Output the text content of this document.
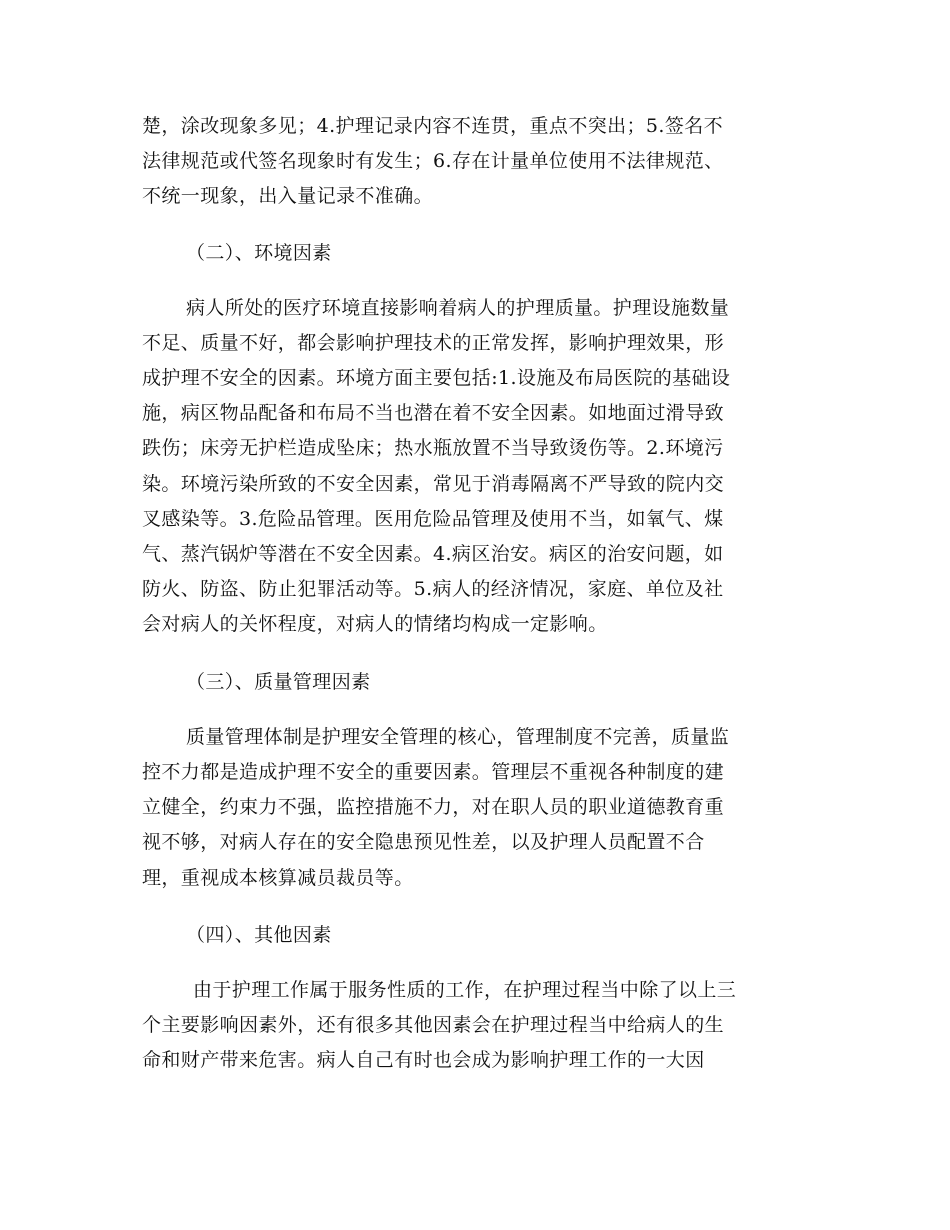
楚，涂改现象多见；4.护理记录内容不连贯，重点不突出；5.签名不
法律规范或代签名现象时有发生；6.存在计量单位使用不法律规范、
不统一现象，出入量记录不准确。
（二）、环境因素
病人所处的医疗环境直接影响着病人的护理质量。护理设施数量
不足、质量不好，都会影响护理技术的正常发挥，影响护理效果，形
成护理不安全的因素。环境方面主要包括:1.设施及布局医院的基础设
施，病区物品配备和布局不当也潜在着不安全因素。如地面过滑导致
跌伤；床旁无护栏造成坠床；热水瓶放置不当导致烫伤等。2.环境污
染。环境污染所致的不安全因素，常见于消毒隔离不严导致的院内交
叉感染等。3.危险品管理。医用危险品管理及使用不当，如氧气、煤
气、蒸汽锅炉等潜在不安全因素。4.病区治安。病区的治安问题，如
防火、防盗、防止犯罪活动等。5.病人的经济情况，家庭、单位及社
会对病人的关怀程度，对病人的情绪均构成一定影响。
（三）、质量管理因素
质量管理体制是护理安全管理的核心，管理制度不完善，质量监
控不力都是造成护理不安全的重要因素。管理层不重视各种制度的建
立健全，约束力不强，监控措施不力，对在职人员的职业道德教育重
视不够，对病人存在的安全隐患预见性差，以及护理人员配置不合
理，重视成本核算减员裁员等。
（四）、其他因素
由于护理工作属于服务性质的工作，在护理过程当中除了以上三
个主要影响因素外，还有很多其他因素会在护理过程当中给病人的生
命和财产带来危害。病人自己有时也会成为影响护理工作的一大因
